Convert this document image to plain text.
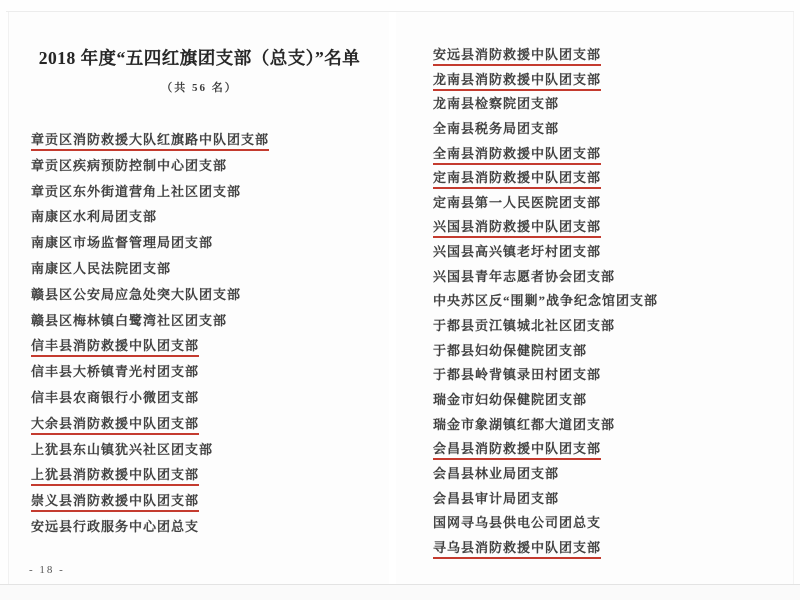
2018 年度“五四红旗团支部（总支）”名单
（共 56 名）
章贡区消防救援大队红旗路中队团支部
章贡区疾病预防控制中心团支部
章贡区东外街道营角上社区团支部
南康区水利局团支部
南康区市场监督管理局团支部
南康区人民法院团支部
赣县区公安局应急处突大队团支部
赣县区梅林镇白鹭湾社区团支部
信丰县消防救援中队团支部
信丰县大桥镇青光村团支部
信丰县农商银行小微团支部
大余县消防救援中队团支部
上犹县东山镇犹兴社区团支部
上犹县消防救援中队团支部
崇义县消防救援中队团支部
安远县行政服务中心团总支
- 18 -
安远县消防救援中队团支部
龙南县消防救援中队团支部
龙南县检察院团支部
全南县税务局团支部
全南县消防救援中队团支部
定南县消防救援中队团支部
定南县第一人民医院团支部
兴国县消防救援中队团支部
兴国县高兴镇老圩村团支部
兴国县青年志愿者协会团支部
中央苏区反“围剿”战争纪念馆团支部
于都县贡江镇城北社区团支部
于都县妇幼保健院团支部
于都县岭背镇录田村团支部
瑞金市妇幼保健院团支部
瑞金市象湖镇红都大道团支部
会昌县消防救援中队团支部
会昌县林业局团支部
会昌县审计局团支部
国网寻乌县供电公司团总支
寻乌县消防救援中队团支部
